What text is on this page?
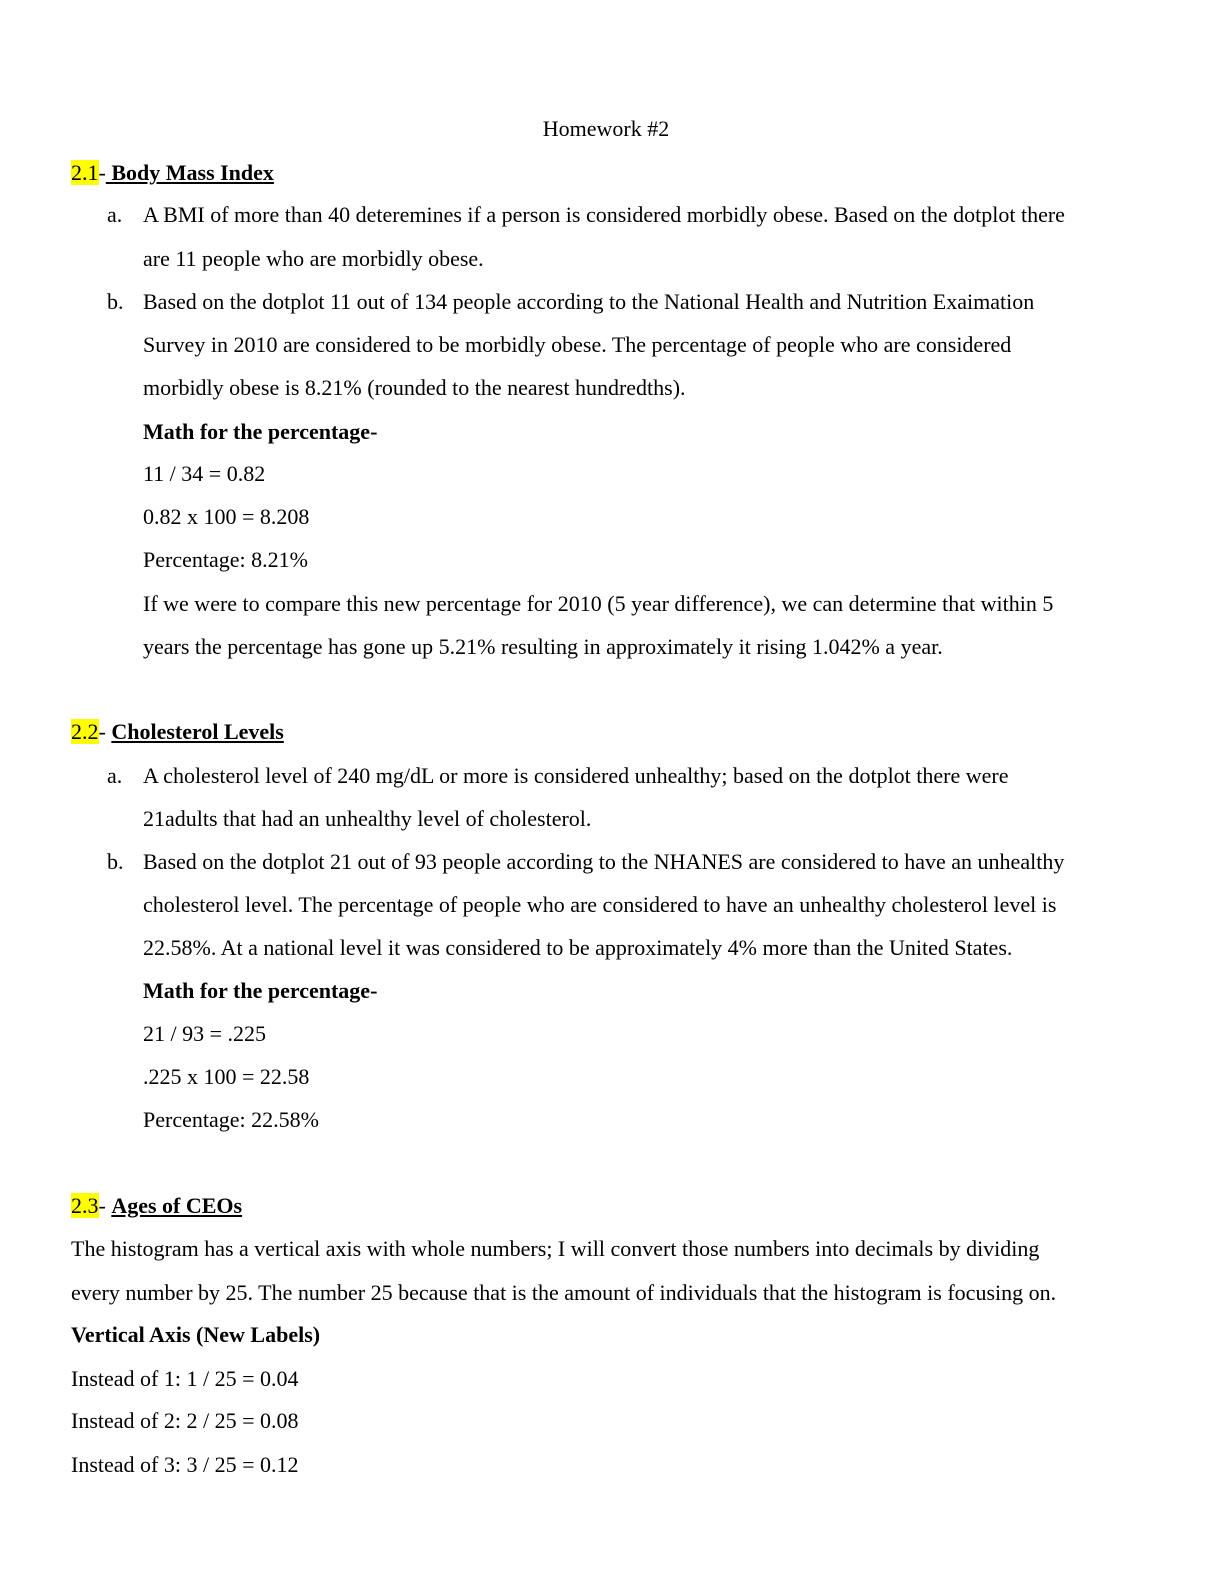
Homework #2
2.1- Body Mass Index
a. A BMI of more than 40 deteremines if a person is considered morbidly obese. Based on the dotplot there
are 11 people who are morbidly obese.
b. Based on the dotplot 11 out of 134 people according to the National Health and Nutrition Exaimation
Survey in 2010 are considered to be morbidly obese. The percentage of people who are considered
morbidly obese is 8.21% (rounded to the nearest hundredths).
Math for the percentage-
11 / 34 = 0.82
0.82 x 100 = 8.208
Percentage: 8.21%
If we were to compare this new percentage for 2010 (5 year difference), we can determine that within 5
years the percentage has gone up 5.21% resulting in approximately it rising 1.042% a year.
2.2- Cholesterol Levels
a. A cholesterol level of 240 mg/dL or more is considered unhealthy; based on the dotplot there were
21adults that had an unhealthy level of cholesterol.
b. Based on the dotplot 21 out of 93 people according to the NHANES are considered to have an unhealthy
cholesterol level. The percentage of people who are considered to have an unhealthy cholesterol level is
22.58%. At a national level it was considered to be approximately 4% more than the United States.
Math for the percentage-
21 / 93 = .225
.225 x 100 = 22.58
Percentage: 22.58%
2.3- Ages of CEOs
The histogram has a vertical axis with whole numbers; I will convert those numbers into decimals by dividing
every number by 25. The number 25 because that is the amount of individuals that the histogram is focusing on.
Vertical Axis (New Labels)
Instead of 1: 1 / 25 = 0.04
Instead of 2: 2 / 25 = 0.08
Instead of 3: 3 / 25 = 0.12
